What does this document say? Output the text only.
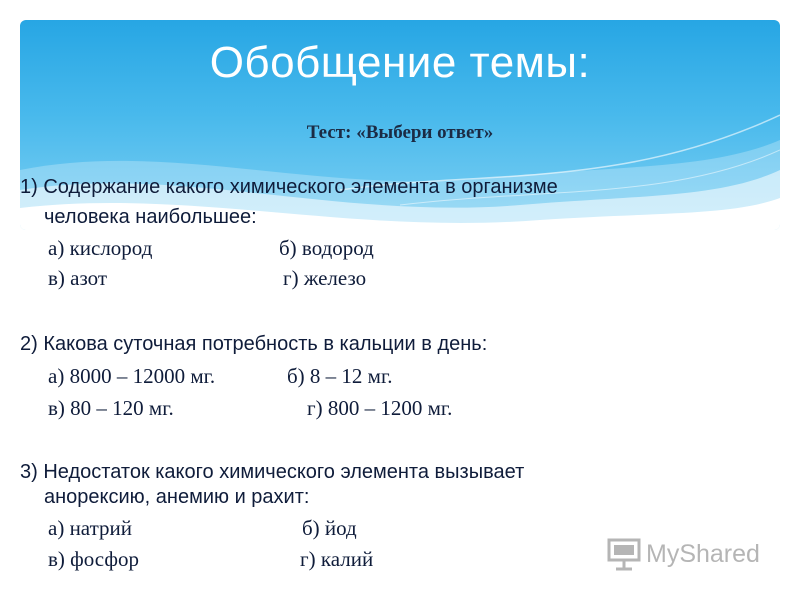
Обобщение темы:

Тест: «Выбери ответ»

1) Содержание какого химического элемента в организме
человека наибольшее:
а) кислород	б) водород
в) азот	г) железо
2) Какова суточная потребность в кальции в день:
а) 8000 – 12000 мг.	б) 8 – 12 мг.
в) 80 – 120 мг.	г) 800 – 1200 мг.
3) Недостаток какого химического элемента вызывает
анорексию, анемию и рахит:
а) натрий	б) йод
в) фосфор	г) калий	MyShared
